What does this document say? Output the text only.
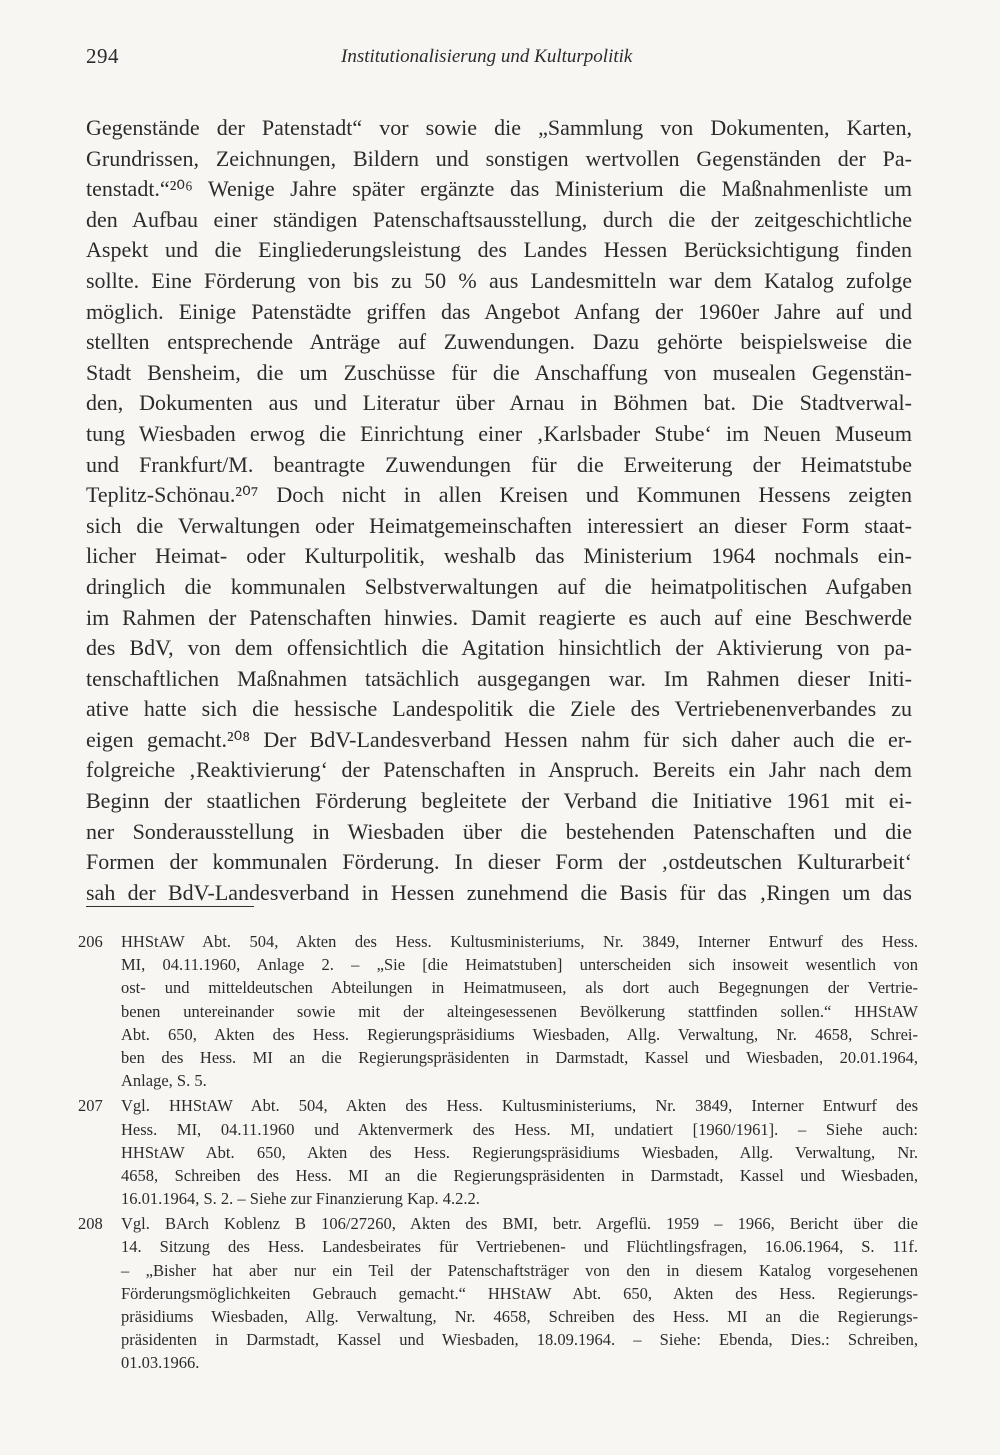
294	Institutionalisierung und Kulturpolitik
Gegenstände der Patenstadt“ vor sowie die „Sammlung von Dokumenten, Karten,
Grundrissen, Zeichnungen, Bildern und sonstigen wertvollen Gegenständen der Pa-
tenstadt.“²⁰⁶ Wenige Jahre später ergänzte das Ministerium die Maßnahmenliste um
den Aufbau einer ständigen Patenschaftsausstellung, durch die der zeitgeschichtliche
Aspekt und die Eingliederungsleistung des Landes Hessen Berücksichtigung finden
sollte. Eine Förderung von bis zu 50 % aus Landesmitteln war dem Katalog zufolge
möglich. Einige Patenstädte griffen das Angebot Anfang der 1960er Jahre auf und
stellten entsprechende Anträge auf Zuwendungen. Dazu gehörte beispielsweise die
Stadt Bensheim, die um Zuschüsse für die Anschaffung von musealen Gegenstän-
den, Dokumenten aus und Literatur über Arnau in Böhmen bat. Die Stadtverwal-
tung Wiesbaden erwog die Einrichtung einer ‚Karlsbader Stube‘ im Neuen Museum
und Frankfurt/M. beantragte Zuwendungen für die Erweiterung der Heimatstube
Teplitz-Schönau.²⁰⁷ Doch nicht in allen Kreisen und Kommunen Hessens zeigten
sich die Verwaltungen oder Heimatgemeinschaften interessiert an dieser Form staat-
licher Heimat- oder Kulturpolitik, weshalb das Ministerium 1964 nochmals ein-
dringlich die kommunalen Selbstverwaltungen auf die heimatpolitischen Aufgaben
im Rahmen der Patenschaften hinwies. Damit reagierte es auch auf eine Beschwerde
des BdV, von dem offensichtlich die Agitation hinsichtlich der Aktivierung von pa-
tenschaftlichen Maßnahmen tatsächlich ausgegangen war. Im Rahmen dieser Initi-
ative hatte sich die hessische Landespolitik die Ziele des Vertriebenenverbandes zu
eigen gemacht.²⁰⁸ Der BdV-Landesverband Hessen nahm für sich daher auch die er-
folgreiche ‚Reaktivierung‘ der Patenschaften in Anspruch. Bereits ein Jahr nach dem
Beginn der staatlichen Förderung begleitete der Verband die Initiative 1961 mit ei-
ner Sonderausstellung in Wiesbaden über die bestehenden Patenschaften und die
Formen der kommunalen Förderung. In dieser Form der ‚ostdeutschen Kulturarbeit‘
sah der BdV-Landesverband in Hessen zunehmend die Basis für das ‚Ringen um das
206 HHStAW Abt. 504, Akten des Hess. Kultusministeriums, Nr. 3849, Interner Entwurf des Hess.
MI, 04.11.1960, Anlage 2. – „Sie [die Heimatstuben] unterscheiden sich insoweit wesentlich von
ost- und mitteldeutschen Abteilungen in Heimatmuseen, als dort auch Begegnungen der Vertrie-
benen untereinander sowie mit der alteingesessenen Bevölkerung stattfinden sollen.“ HHStAW
Abt. 650, Akten des Hess. Regierungspräsidiums Wiesbaden, Allg. Verwaltung, Nr. 4658, Schrei-
ben des Hess. MI an die Regierungspräsidenten in Darmstadt, Kassel und Wiesbaden, 20.01.1964,
Anlage, S. 5.
207 Vgl. HHStAW Abt. 504, Akten des Hess. Kultusministeriums, Nr. 3849, Interner Entwurf des
Hess. MI, 04.11.1960 und Aktenvermerk des Hess. MI, undatiert [1960/1961]. – Siehe auch:
HHStAW Abt. 650, Akten des Hess. Regierungspräsidiums Wiesbaden, Allg. Verwaltung, Nr.
4658, Schreiben des Hess. MI an die Regierungspräsidenten in Darmstadt, Kassel und Wiesbaden,
16.01.1964, S. 2. – Siehe zur Finanzierung Kap. 4.2.2.
208 Vgl. BArch Koblenz B 106/27260, Akten des BMI, betr. Argeflü. 1959 – 1966, Bericht über die
14. Sitzung des Hess. Landesbeirates für Vertriebenen- und Flüchtlingsfragen, 16.06.1964, S. 11f.
– „Bisher hat aber nur ein Teil der Patenschaftsträger von den in diesem Katalog vorgesehenen
Förderungsmöglichkeiten Gebrauch gemacht.“ HHStAW Abt. 650, Akten des Hess. Regierungs-
präsidiums Wiesbaden, Allg. Verwaltung, Nr. 4658, Schreiben des Hess. MI an die Regierungs-
präsidenten in Darmstadt, Kassel und Wiesbaden, 18.09.1964. – Siehe: Ebenda, Dies.: Schreiben,
01.03.1966.
